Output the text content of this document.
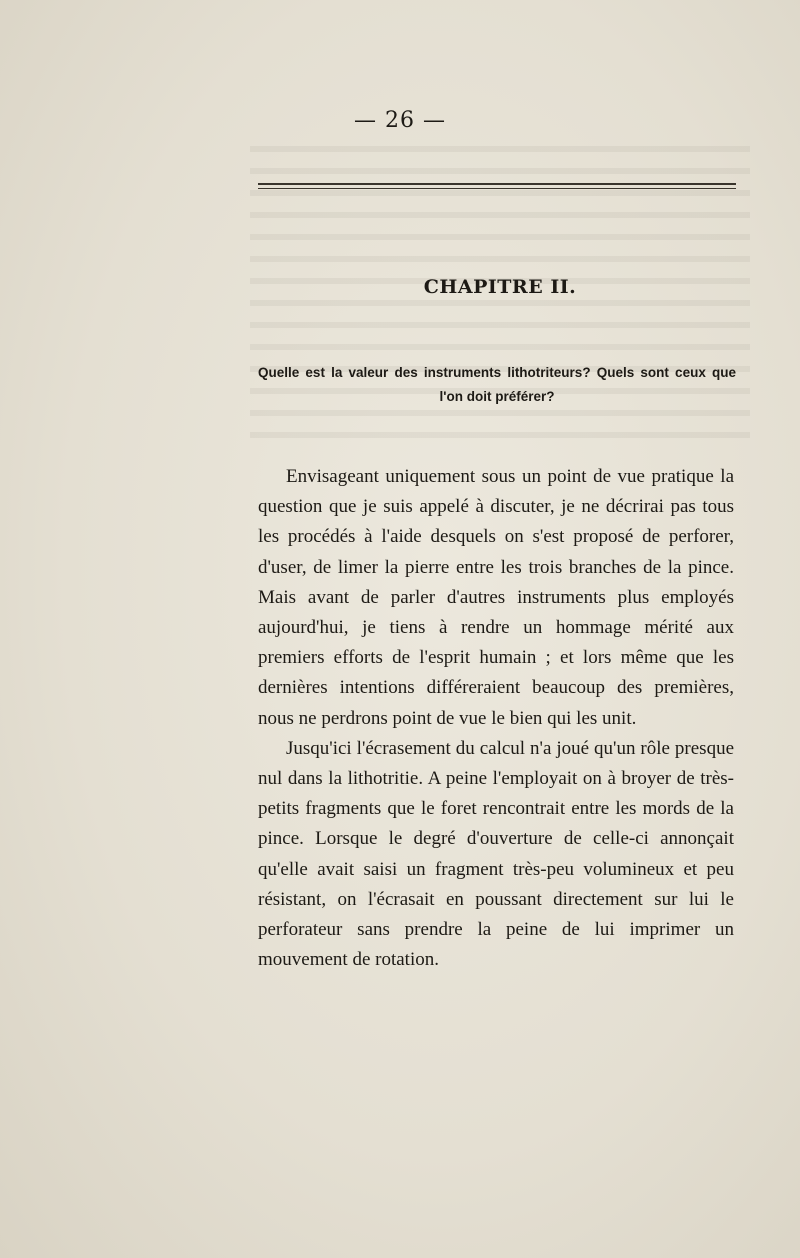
— 26 —
CHAPITRE II.
Quelle est la valeur des instruments lithotriteurs? Quels sont ceux que l'on doit préférer?

Envisageant uniquement sous un point de vue pratique la question que je suis appelé à discuter, je ne décrirai pas tous les procédés à l'aide desquels on s'est proposé de perforer, d'user, de limer la pierre entre les trois branches de la pince. Mais avant de parler d'autres instruments plus employés aujourd'hui, je tiens à rendre un hommage mérité aux premiers efforts de l'esprit humain ; et lors même que les dernières intentions différeraient beaucoup des premières, nous ne perdrons point de vue le bien qui les unit.

Jusqu'ici l'écrasement du calcul n'a joué qu'un rôle presque nul dans la lithotritie. A peine l'employait on à broyer de très-petits fragments que le foret rencontrait entre les mords de la pince. Lorsque le degré d'ouverture de celle-ci annonçait qu'elle avait saisi un fragment très-peu volumineux et peu résistant, on l'écrasait en poussant directement sur lui le perforateur sans prendre la peine de lui imprimer un mouvement de rotation.
